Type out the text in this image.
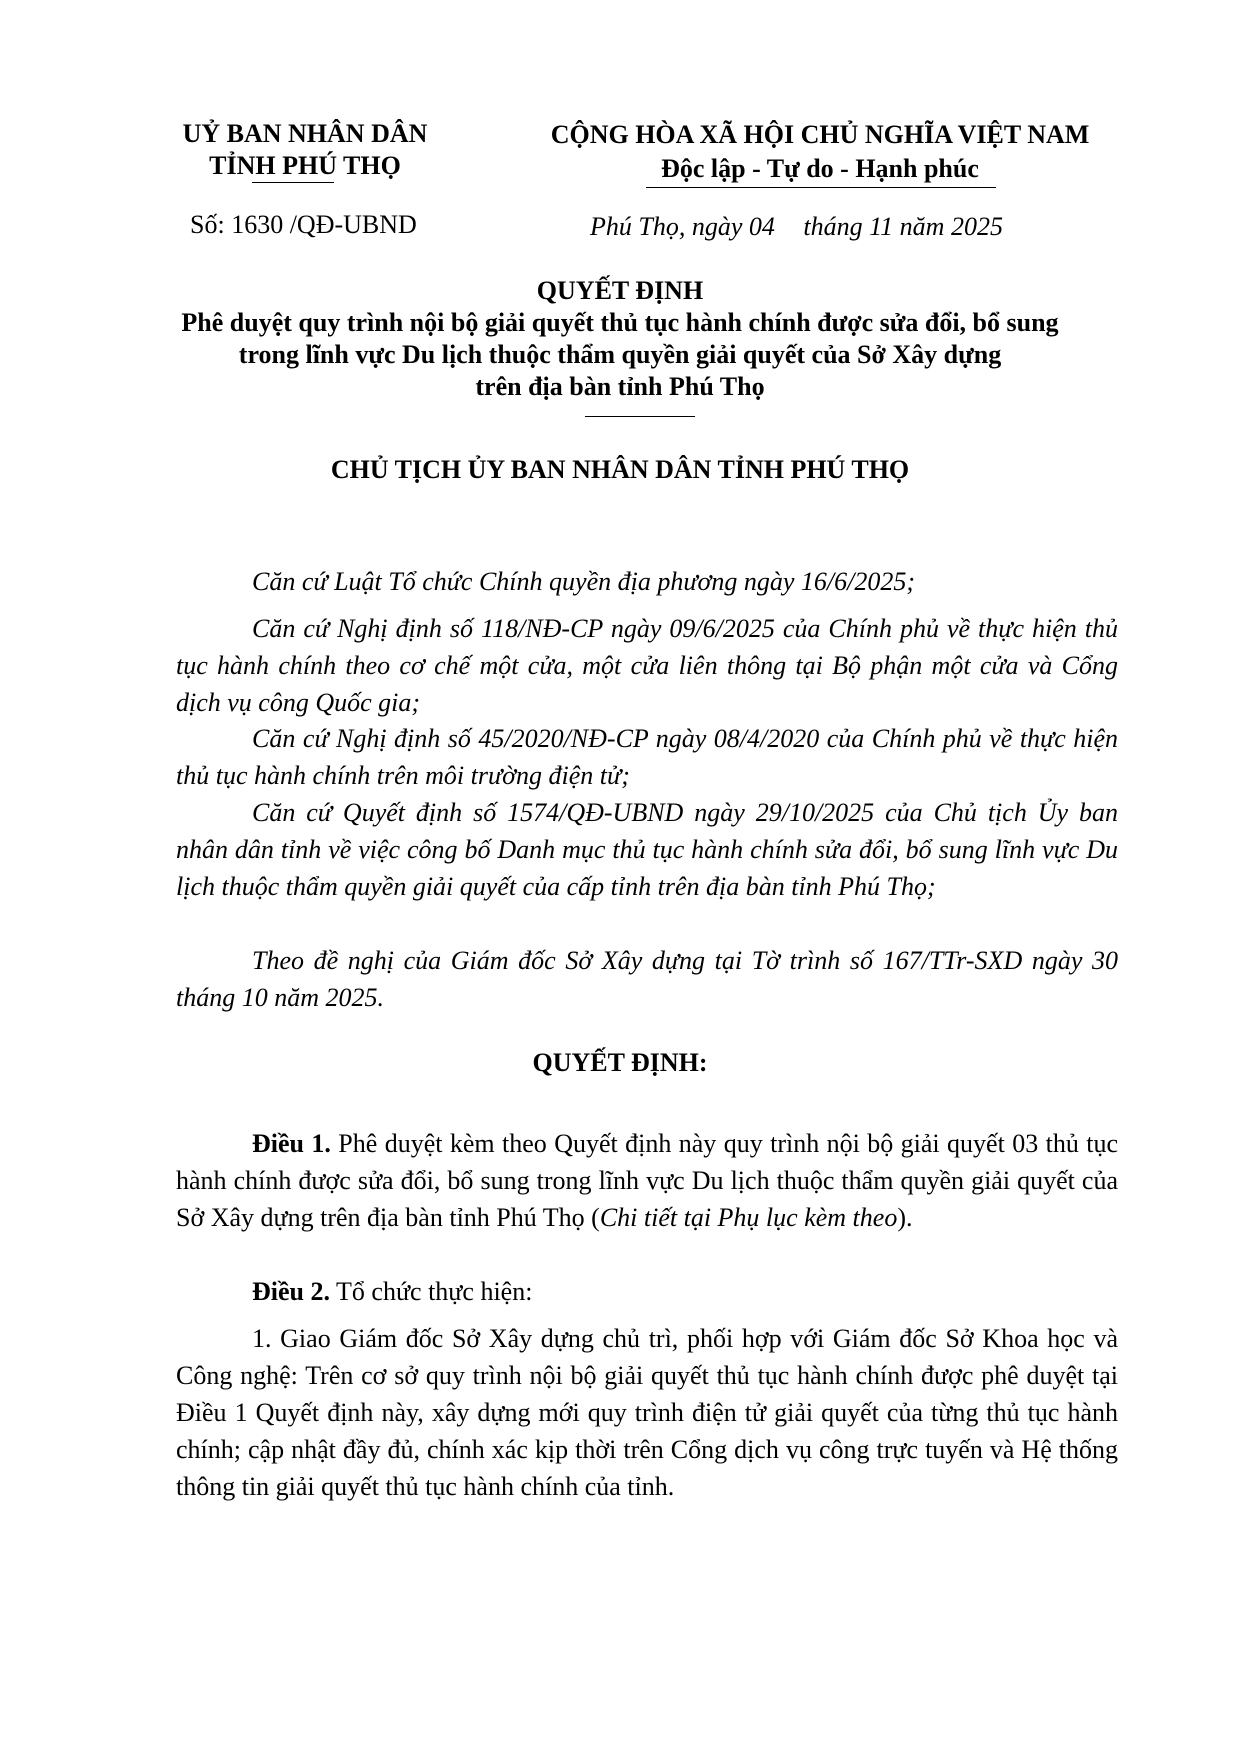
UỶ BAN NHÂN DÂN
TỈNH PHÚ THỌ
Số: 1630 /QĐ-UBND
CỘNG HÒA XÃ HỘI CHỦ NGHĨA VIỆT NAM
Độc lập - Tự do - Hạnh phúc
Phú Thọ, ngày 04 tháng 11 năm 2025
QUYẾT ĐỊNH
Phê duyệt quy trình nội bộ giải quyết thủ tục hành chính được sửa đổi, bổ sung
trong lĩnh vực Du lịch thuộc thẩm quyền giải quyết của Sở Xây dựng
trên địa bàn tỉnh Phú Thọ
CHỦ TỊCH ỦY BAN NHÂN DÂN TỈNH PHÚ THỌ
Căn cứ Luật Tổ chức Chính quyền địa phương ngày 16/6/2025;
Căn cứ Nghị định số 118/NĐ-CP ngày 09/6/2025 của Chính phủ về thực hiện thủ tục hành chính theo cơ chế một cửa, một cửa liên thông tại Bộ phận một cửa và Cổng dịch vụ công Quốc gia;
Căn cứ Nghị định số 45/2020/NĐ-CP ngày 08/4/2020 của Chính phủ về thực hiện thủ tục hành chính trên môi trường điện tử;
Căn cứ Quyết định số 1574/QĐ-UBND ngày 29/10/2025 của Chủ tịch Ủy ban nhân dân tỉnh về việc công bố Danh mục thủ tục hành chính sửa đổi, bổ sung lĩnh vực Du lịch thuộc thẩm quyền giải quyết của cấp tỉnh trên địa bàn tỉnh Phú Thọ;
Theo đề nghị của Giám đốc Sở Xây dựng tại Tờ trình số 167/TTr-SXD ngày 30 tháng 10 năm 2025.
QUYẾT ĐỊNH:
Điều 1. Phê duyệt kèm theo Quyết định này quy trình nội bộ giải quyết 03 thủ tục hành chính được sửa đổi, bổ sung trong lĩnh vực Du lịch thuộc thẩm quyền giải quyết của Sở Xây dựng trên địa bàn tỉnh Phú Thọ (Chi tiết tại Phụ lục kèm theo).
Điều 2. Tổ chức thực hiện:
1. Giao Giám đốc Sở Xây dựng chủ trì, phối hợp với Giám đốc Sở Khoa học và Công nghệ: Trên cơ sở quy trình nội bộ giải quyết thủ tục hành chính được phê duyệt tại Điều 1 Quyết định này, xây dựng mới quy trình điện tử giải quyết của từng thủ tục hành chính; cập nhật đầy đủ, chính xác kịp thời trên Cổng dịch vụ công trực tuyến và Hệ thống thông tin giải quyết thủ tục hành chính của tỉnh.
